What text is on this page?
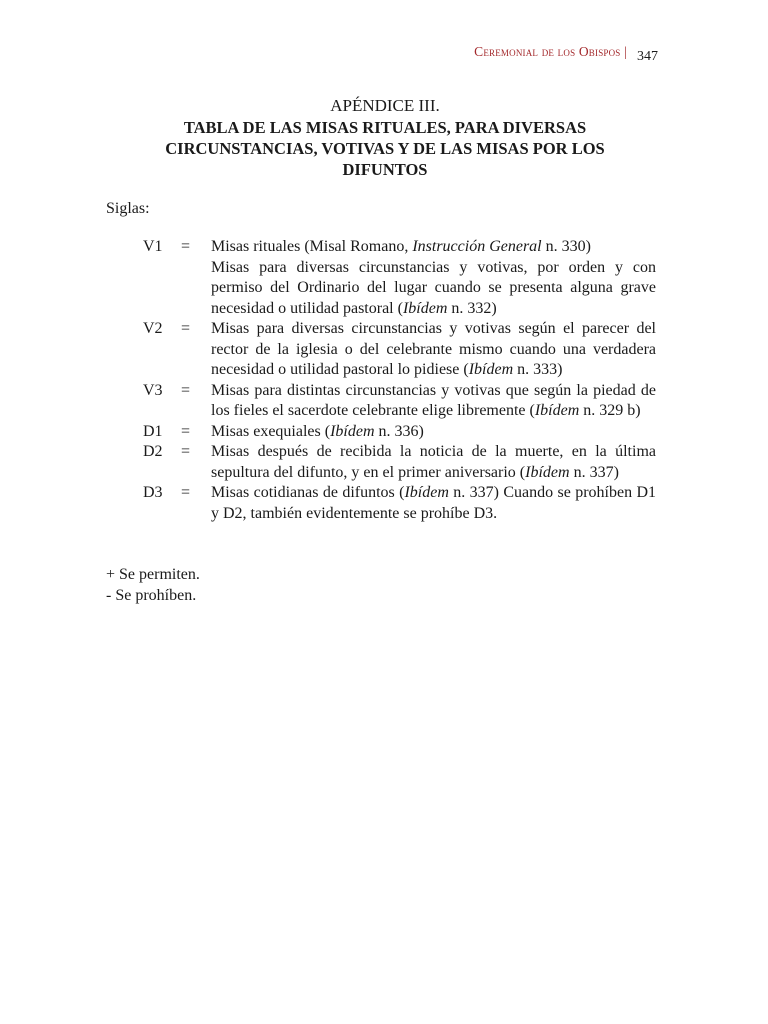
Ceremonial de los Obispos | 347

APÉNDICE III.

TABLA DE LAS MISAS RITUALES, PARA DIVERSAS

CIRCUNSTANCIAS, VOTIVAS Y DE LAS MISAS POR LOS

DIFUNTOS

Siglas:
V1	=	Misas rituales (Misal Romano, Instrucción General n. 330)

Misas para diversas circunstancias y votivas, por orden y con permiso del Ordinario del lugar cuando se presenta alguna grave necesidad o utilidad pastoral (Ibídem n. 332)

V2	=	Misas para diversas circunstancias y votivas según el parecer del rector de la iglesia o del celebrante mismo cuando una verdadera necesidad o utilidad pastoral lo pidiese (Ibídem n. 333)
V3	=	Misas para distintas circunstancias y votivas que según la piedad de los fieles el sacerdote celebrante elige libremente (Ibídem n. 329 b)
D1	=	Misas exequiales (Ibídem n. 336)
D2	=	Misas después de recibida la noticia de la muerte, en la última sepultura del difunto, y en el primer aniversario (Ibídem n. 337)
D3	=	Misas cotidianas de difuntos (Ibídem n. 337) Cuando se prohíben D1 y D2, también evidentemente se prohíbe D3.
+ Se permiten.
- Se prohíben.
